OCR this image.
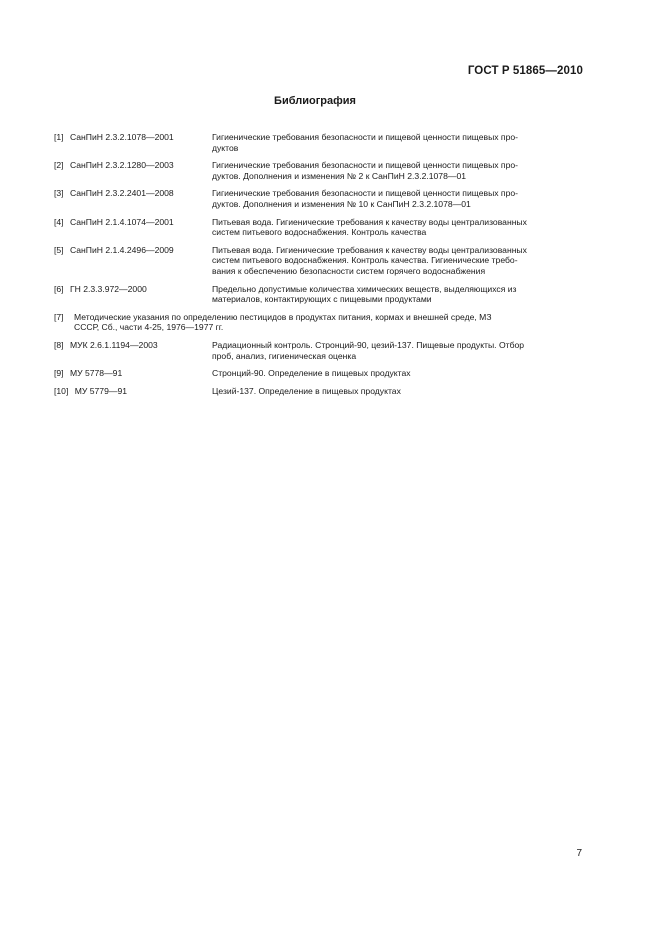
ГОСТ Р 51865—2010
Библиография
[1] СанПиН 2.3.2.1078—2001	Гигиенические требования безопасности и пищевой ценности пищевых про-
дуктов
[2] СанПиН 2.3.2.1280—2003	Гигиенические требования безопасности и пищевой ценности пищевых про-
дуктов. Дополнения и изменения № 2 к СанПиН 2.3.2.1078—01
[3] СанПиН 2.3.2.2401—2008	Гигиенические требования безопасности и пищевой ценности пищевых про-
дуктов. Дополнения и изменения № 10 к СанПиН 2.3.2.1078—01
[4] СанПиН 2.1.4.1074—2001	Питьевая вода. Гигиенические требования к качеству воды централизованных
систем питьевого водоснабжения. Контроль качества
[5] СанПиН 2.1.4.2496—2009	Питьевая вода. Гигиенические требования к качеству воды централизованных
систем питьевого водоснабжения. Контроль качества. Гигиенические требо-
вания к обеспечению безопасности систем горячего водоснабжения
[6] ГН 2.3.3.972—2000	Предельно допустимые количества химических веществ, выделяющихся из
материалов, контактирующих с пищевыми продуктами
[7]	Методические указания по определению пестицидов в продуктах питания, кормах и внешней среде, МЗ
СССР, Сб., части 4-25, 1976—1977 гг.
[8] МУК 2.6.1.1194—2003	Радиационный контроль. Стронций-90, цезий-137. Пищевые продукты. Отбор
проб, анализ, гигиеническая оценка
[9] МУ 5778—91	Стронций-90. Определение в пищевых продуктах
[10] МУ 5779—91	Цезий-137. Определение в пищевых продуктах
7
